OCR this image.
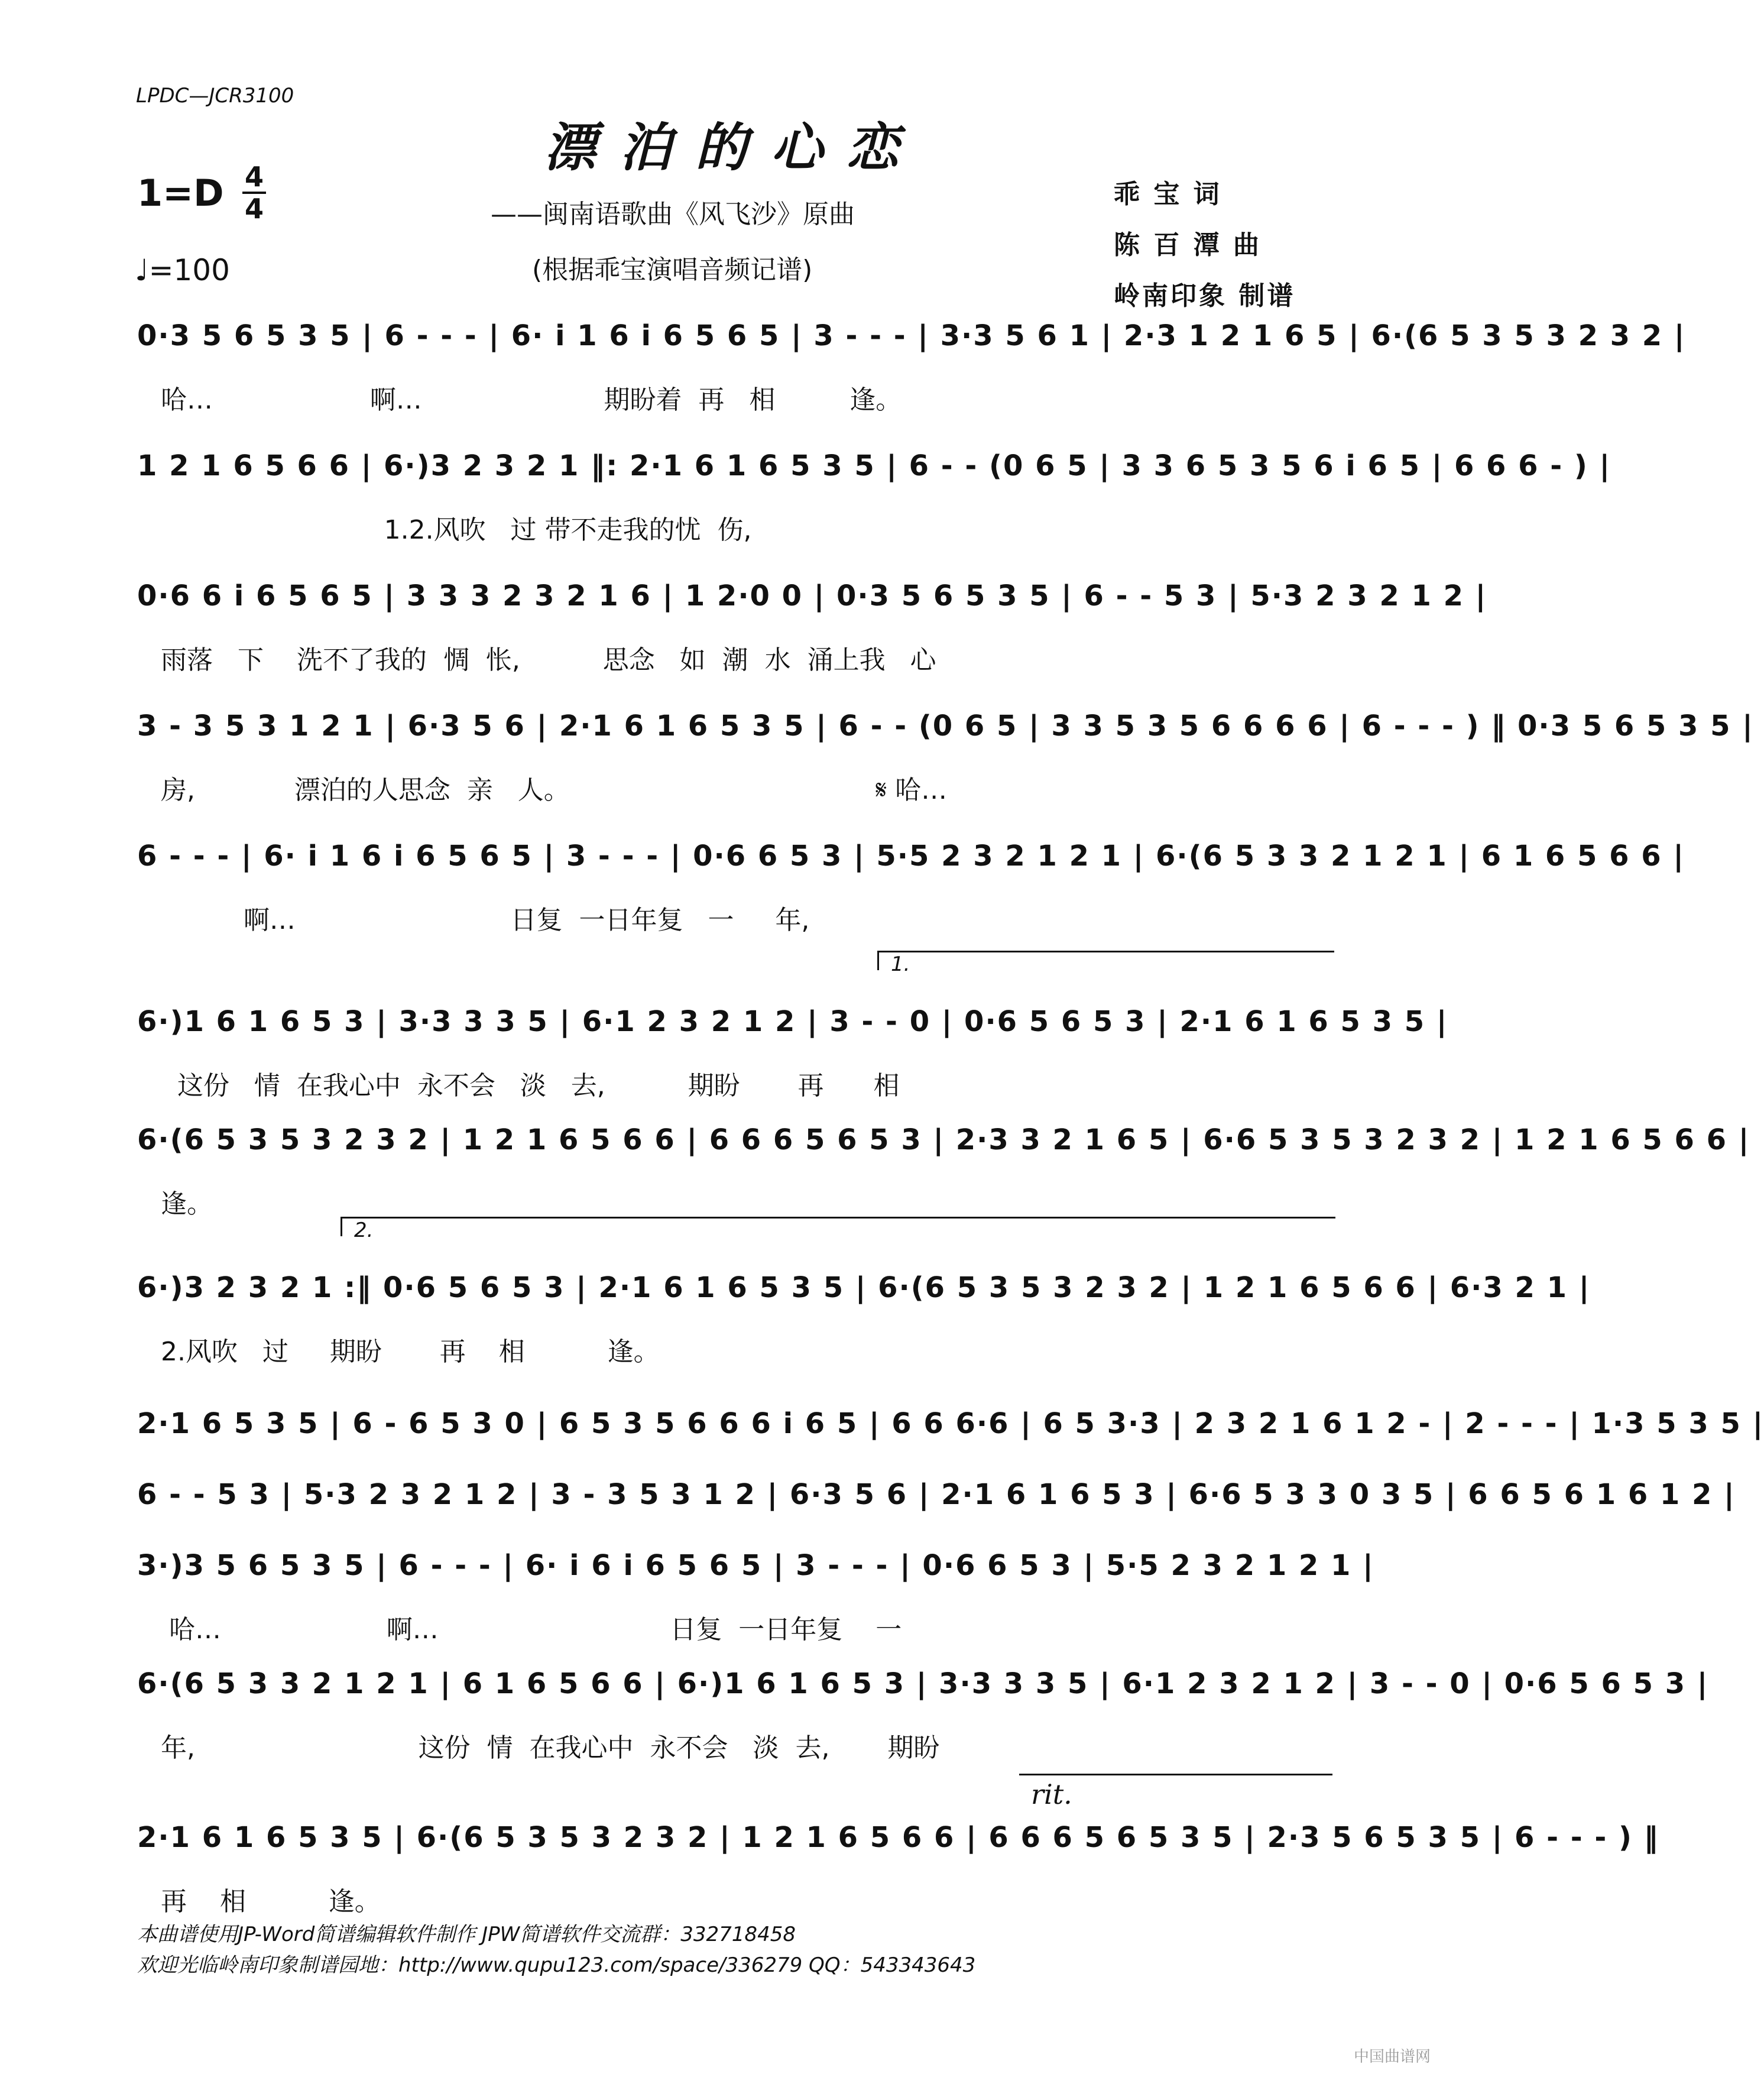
LPDC—JCR3100
漂泊的心恋
1=D 4
4
♩=100
——闽南语歌曲《风飞沙》原曲
(根据乖宝演唱音频记谱)
乖 宝 词
陈 百 潭 曲
岭南印象 制谱
0·3 5 6 5 3 5 | 6 - - - | 6· i 1 6 i 6 5 6 5 | 3 - - - | 3·3 5 6 1 | 2·3 1 2 1 6 5 | 6·(6 5 3 5 3 2 3 2 |
哈…                   啊…                      期盼着  再   相         逢。
1 2 1 6 5 6 6 | 6·)3 2 3 2 1 ‖: 2·1 6 1 6 5 3 5 | 6 - - (0 6 5 | 3 3 6 5 3 5 6 i 6 5 | 6 6 6 - ) |
1.2.风吹   过 带不走我的忧  伤,
0·6 6 i 6 5 6 5 | 3 3 3 2 3 2 1 6 | 1 2·0 0 | 0·3 5 6 5 3 5 | 6 - - 5 3 | 5·3 2 3 2 1 2 |
雨落   下    洗不了我的  惆  怅,          思念   如  潮  水  涌上我   心
3 - 3 5 3 1 2 1 | 6·3 5 6 | 2·1 6 1 6 5 3 5 | 6 - - (0 6 5 | 3 3 5 3 5 6 6 6 6 | 6 - - - ) ‖ 0·3 5 6 5 3 5 |
房,            漂泊的人思念  亲   人。                                     𝄋 哈…
6 - - - | 6· i 1 6 i 6 5 6 5 | 3 - - - | 0·6 6 5 3 | 5·5 2 3 2 1 2 1 | 6·(6 5 3 3 2 1 2 1 | 6 1 6 5 6 6 |
啊…                          日复  一日年复   一     年,
6·)1 6 1 6 5 3 | 3·3 3 3 5 | 6·1 2 3 2 1 2 | 3 - - 0 | 0·6 5 6 5 3 | 2·1 6 1 6 5 3 5 |
这份   情  在我心中  永不会   淡   去,          期盼       再      相
6·(6 5 3 5 3 2 3 2 | 1 2 1 6 5 6 6 | 6 6 6 5 6 5 3 | 2·3 3 2 1 6 5 | 6·6 5 3 5 3 2 3 2 | 1 2 1 6 5 6 6 |
逢。
6·)3 2 3 2 1 :‖ 0·6 5 6 5 3 | 2·1 6 1 6 5 3 5 | 6·(6 5 3 5 3 2 3 2 | 1 2 1 6 5 6 6 | 6·3 2 1 |
2.风吹   过     期盼       再    相          逢。
2·1 6 5 3 5 | 6 - 6 5 3 0 | 6 5 3 5 6 6 6 i 6 5 | 6 6 6·6 | 6 5 3·3 | 2 3 2 1 6 1 2 - | 2 - - - | 1·3 5 3 5 |
6 - - 5 3 | 5·3 2 3 2 1 2 | 3 - 3 5 3 1 2 | 6·3 5 6 | 2·1 6 1 6 5 3 | 6·6 5 3 3 0 3 5 | 6 6 5 6 1 6 1 2 |
3·)3 5 6 5 3 5 | 6 - - - | 6· i 6 i 6 5 6 5 | 3 - - - | 0·6 6 5 3 | 5·5 2 3 2 1 2 1 |
哈…                    啊…                            日复  一日年复    一
6·(6 5 3 3 2 1 2 1 | 6 1 6 5 6 6 | 6·)1 6 1 6 5 3 | 3·3 3 3 5 | 6·1 2 3 2 1 2 | 3 - - 0 | 0·6 5 6 5 3 |
年,                           这份  情  在我心中  永不会   淡  去,       期盼
2·1 6 1 6 5 3 5 | 6·(6 5 3 5 3 2 3 2 | 1 2 1 6 5 6 6 | 6 6 6 5 6 5 3 5 | 2·3 5 6 5 3 5 | 6 - - - ) ‖
再    相          逢。
1.
2.
rit.
本曲谱使用JP-Word简谱编辑软件制作 JPW简谱软件交流群：332718458
欢迎光临岭南印象制谱园地：http://www.qupu123.com/space/336279 QQ：543343643
中国曲谱网
